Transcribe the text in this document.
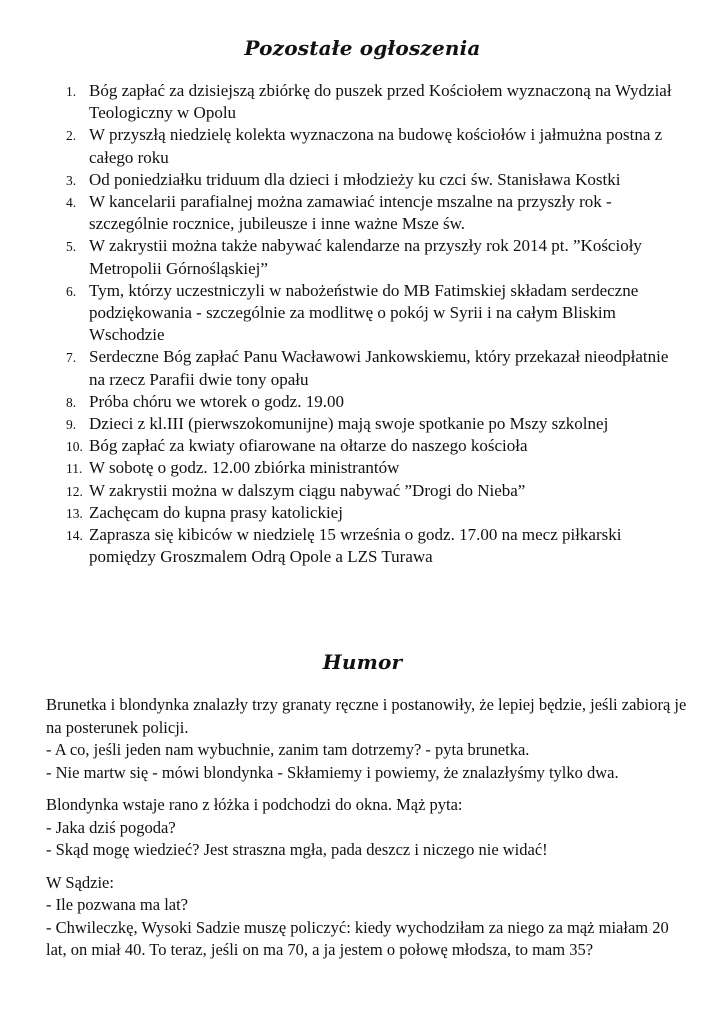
Pozostałe ogłoszenia
1. Bóg zapłać za dzisiejszą zbiórkę do puszek przed Kościołem wyznaczoną na Wydział Teologiczny w Opolu
2. W przyszłą niedzielę kolekta wyznaczona na budowę kościołów i jałmużna postna z całego roku
3. Od poniedziałku triduum dla dzieci i młodzieży ku czci św. Stanisława Kostki
4. W kancelarii parafialnej można zamawiać intencje mszalne na przyszły rok - szczególnie rocznice, jubileusze i inne ważne Msze św.
5. W zakrystii można także nabywać kalendarze na przyszły rok 2014 pt. ”Kościoły Metropolii Górnośląskiej”
6. Tym, którzy uczestniczyli w nabożeństwie do MB Fatimskiej składam serdeczne podziękowania - szczególnie za modlitwę o pokój w Syrii i na całym Bliskim Wschodzie
7. Serdeczne Bóg zapłać Panu Wacławowi Jankowskiemu, który przekazał nieodpłatnie na rzecz Parafii dwie tony opału
8. Próba chóru we wtorek o godz. 19.00
9. Dzieci z kl.III (pierwszokomunijne) mają swoje spotkanie po Mszy szkolnej
10. Bóg zapłać za kwiaty ofiarowane na ołtarze do naszego kościoła
11. W sobotę o godz. 12.00 zbiórka ministrantów
12. W zakrystii można w dalszym ciągu nabywać ”Drogi do Nieba”
13. Zachęcam do kupna prasy katolickiej
14. Zaprasza się kibiców w niedzielę 15 września o godz. 17.00 na mecz piłkarski pomiędzy Groszmalem Odrą Opole a LZS Turawa
Humor

Brunetka i blondynka znalazły trzy granaty ręczne i postanowiły, że lepiej będzie, jeśli zabiorą je na posterunek policji.

- A co, jeśli jeden nam wybuchnie, zanim tam dotrzemy? - pyta brunetka.

- Nie martw się - mówi blondynka - Skłamiemy i powiemy, że znalazłyśmy tylko dwa.

Blondynka wstaje rano z łóżka i podchodzi do okna. Mąż pyta:

- Jaka dziś pogoda?

- Skąd mogę wiedzieć? Jest straszna mgła, pada deszcz i niczego nie widać!

W Sądzie:

- Ile pozwana ma lat?

- Chwileczkę, Wysoki Sadzie muszę policzyć: kiedy wychodziłam za niego za mąż miałam 20 lat, on miał 40. To teraz, jeśli on ma 70, a ja jestem o połowę młodsza, to mam 35?
